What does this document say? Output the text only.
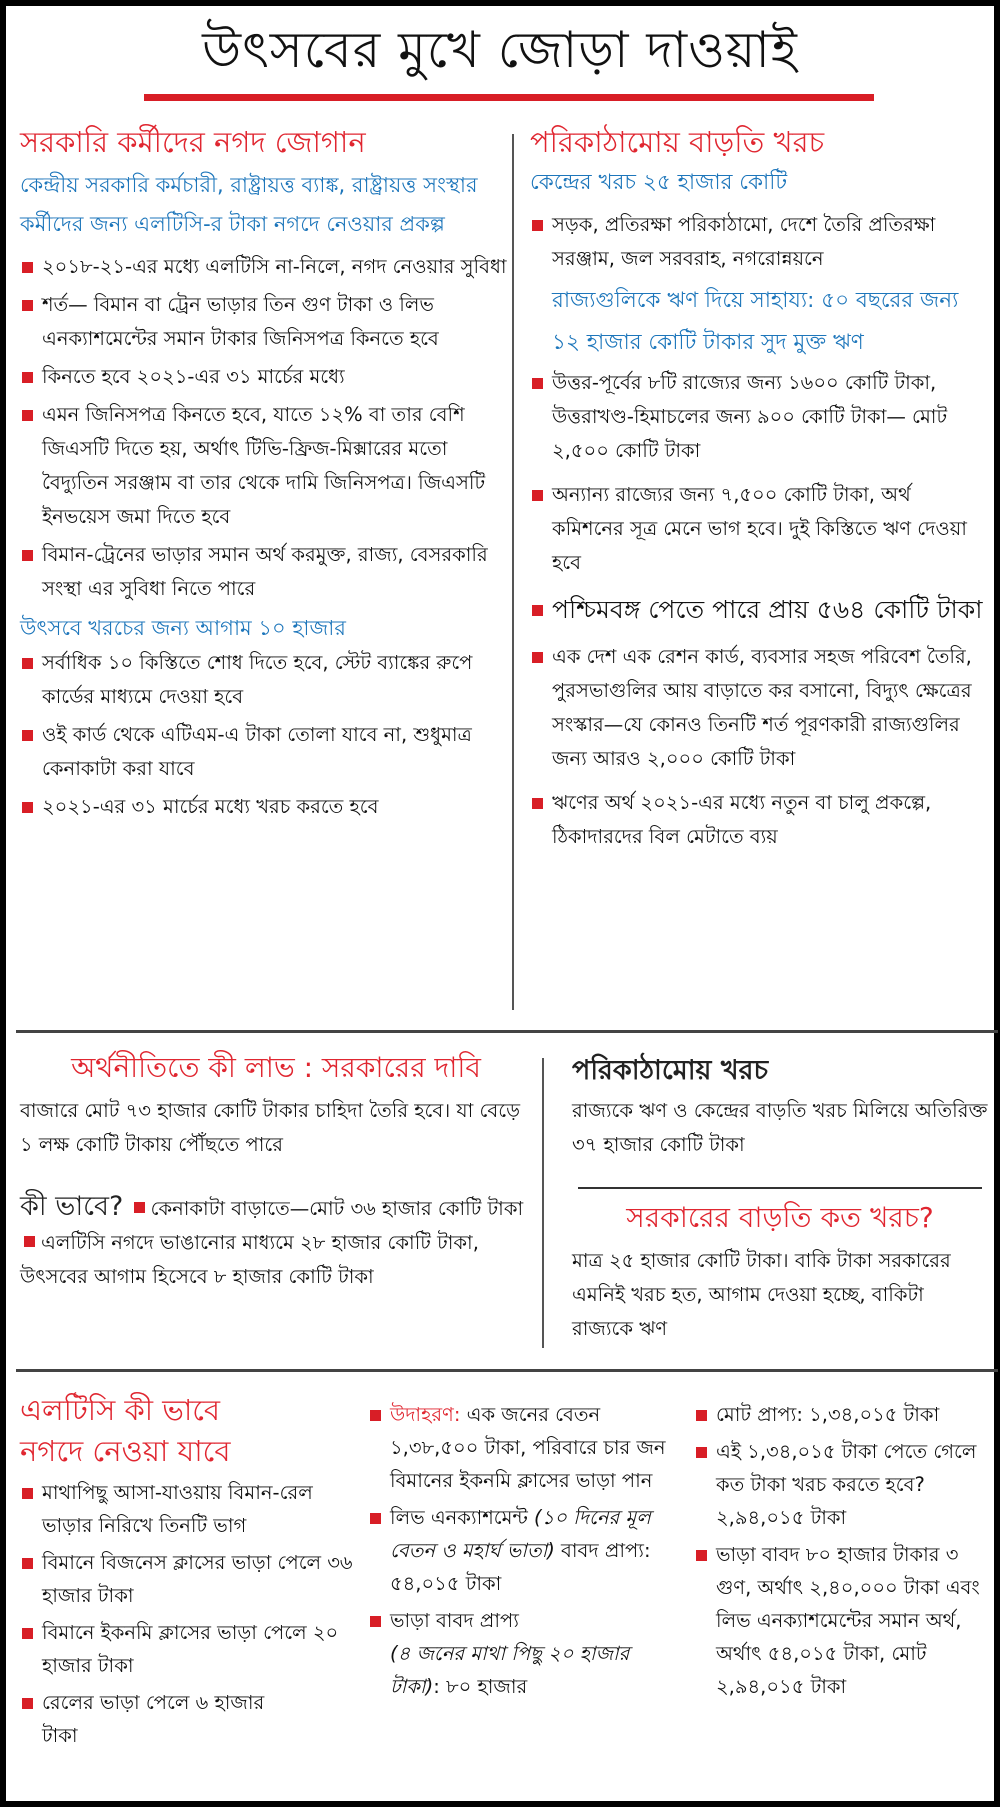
উৎসবের মুখে জোড়া দাওয়াই
সরকারি কর্মীদের নগদ জোগান

কেন্দ্রীয় সরকারি কর্মচারী, রাষ্ট্রায়ত্ত ব্যাঙ্ক, রাষ্ট্রায়ত্ত সংস্থার কর্মীদের জন্য এলটিসি-র টাকা নগদে নেওয়ার প্রকল্প

২০১৮-২১-এর মধ্যে এলটিসি না-নিলে, নগদ নেওয়ার সুবিধা
শর্ত— বিমান বা ট্রেন ভাড়ার তিন গুণ টাকা ও লিভ এনক্যাশমেন্টের সমান টাকার জিনিসপত্র কিনতে হবে
কিনতে হবে ২০২১-এর ৩১ মার্চের মধ্যে
এমন জিনিসপত্র কিনতে হবে, যাতে ১২% বা তার বেশি জিএসটি দিতে হয়, অর্থাৎ টিভি-ফ্রিজ-মিক্সারের মতো বৈদ্যুতিন সরঞ্জাম বা তার থেকে দামি জিনিসপত্র। জিএসটি ইনভয়েস জমা দিতে হবে
বিমান-ট্রেনের ভাড়ার সমান অর্থ করমুক্ত, রাজ্য, বেসরকারি সংস্থা এর সুবিধা নিতে পারে

উৎসবে খরচের জন্য আগাম ১০ হাজার

সর্বাধিক ১০ কিস্তিতে শোধ দিতে হবে, স্টেট ব্যাঙ্কের রুপে কার্ডের মাধ্যমে দেওয়া হবে
ওই কার্ড থেকে এটিএম-এ টাকা তোলা যাবে না, শুধুমাত্র কেনাকাটা করা যাবে
২০২১-এর ৩১ মার্চের মধ্যে খরচ করতে হবে
পরিকাঠামোয় বাড়তি খরচ

কেন্দ্রের খরচ ২৫ হাজার কোটি

সড়ক, প্রতিরক্ষা পরিকাঠামো, দেশে তৈরি প্রতিরক্ষা সরঞ্জাম, জল সরবরাহ, নগরোন্নয়নে

রাজ্যগুলিকে ঋণ দিয়ে সাহায্য: ৫০ বছরের জন্য ১২ হাজার কোটি টাকার সুদ মুক্ত ঋণ

উত্তর-পূর্বের ৮টি রাজ্যের জন্য ১৬০০ কোটি টাকা, উত্তরাখণ্ড-হিমাচলের জন্য ৯০০ কোটি টাকা— মোট ২,৫০০ কোটি টাকা
অন্যান্য রাজ্যের জন্য ৭,৫০০ কোটি টাকা, অর্থ কমিশনের সূত্র মেনে ভাগ হবে। দুই কিস্তিতে ঋণ দেওয়া হবে
পশ্চিমবঙ্গ পেতে পারে প্রায় ৫৬৪ কোটি টাকা
এক দেশ এক রেশন কার্ড, ব্যবসার সহজ পরিবেশ তৈরি, পুরসভাগুলির আয় বাড়াতে কর বসানো, বিদ্যুৎ ক্ষেত্রের সংস্কার—যে কোনও তিনটি শর্ত পূরণকারী রাজ্যগুলির জন্য আরও ২,০০০ কোটি টাকা
ঋণের অর্থ ২০২১-এর মধ্যে নতুন বা চালু প্রকল্পে, ঠিকাদারদের বিল মেটাতে ব্যয়
অর্থনীতিতে কী লাভ : সরকারের দাবি

বাজারে মোট ৭৩ হাজার কোটি টাকার চাহিদা তৈরি হবে। যা বেড়ে ১ লক্ষ কোটি টাকায় পৌঁছতে পারে

কী ভাবে? কেনাকাটা বাড়াতে—মোট ৩৬ হাজার কোটি টাকা এলটিসি নগদে ভাঙানোর মাধ্যমে ২৮ হাজার কোটি টাকা, উৎসবের আগাম হিসেবে ৮ হাজার কোটি টাকা

পরিকাঠামোয় খরচ

রাজ্যকে ঋণ ও কেন্দ্রের বাড়তি খরচ মিলিয়ে অতিরিক্ত ৩৭ হাজার কোটি টাকা

সরকারের বাড়তি কত খরচ?

মাত্র ২৫ হাজার কোটি টাকা। বাকি টাকা সরকারের এমনিই খরচ হত, আগাম দেওয়া হচ্ছে, বাকিটা রাজ্যকে ঋণ

এলটিসি কী ভাবে
নগদে নেওয়া যাবে
মাথাপিছু আসা-যাওয়ায় বিমান-রেল ভাড়ার নিরিখে তিনটি ভাগ
বিমানে বিজনেস ক্লাসের ভাড়া পেলে ৩৬ হাজার টাকা
বিমানে ইকনমি ক্লাসের ভাড়া পেলে ২০ হাজার টাকা
রেলের ভাড়া পেলে ৬ হাজার টাকা
উদাহরণ: এক জনের বেতন ১,৩৮,৫০০ টাকা, পরিবারে চার জন বিমানের ইকনমি ক্লাসের ভাড়া পান
লিভ এনক্যাশমেন্ট (১০ দিনের মূল বেতন ও মহার্ঘ ভাতা) বাবদ প্রাপ্য: ৫৪,০১৫ টাকা
ভাড়া বাবদ প্রাপ্য
(৪ জনের মাথা পিছু ২০ হাজার টাকা): ৮০ হাজার
মোট প্রাপ্য: ১,৩৪,০১৫ টাকা
এই ১,৩৪,০১৫ টাকা পেতে গেলে কত টাকা খরচ করতে হবে? ২,৯৪,০১৫ টাকা
ভাড়া বাবদ ৮০ হাজার টাকার ৩ গুণ, অর্থাৎ ২,৪০,০০০ টাকা এবং লিভ এনক্যাশমেন্টের সমান অর্থ, অর্থাৎ ৫৪,০১৫ টাকা, মোট ২,৯৪,০১৫ টাকা
